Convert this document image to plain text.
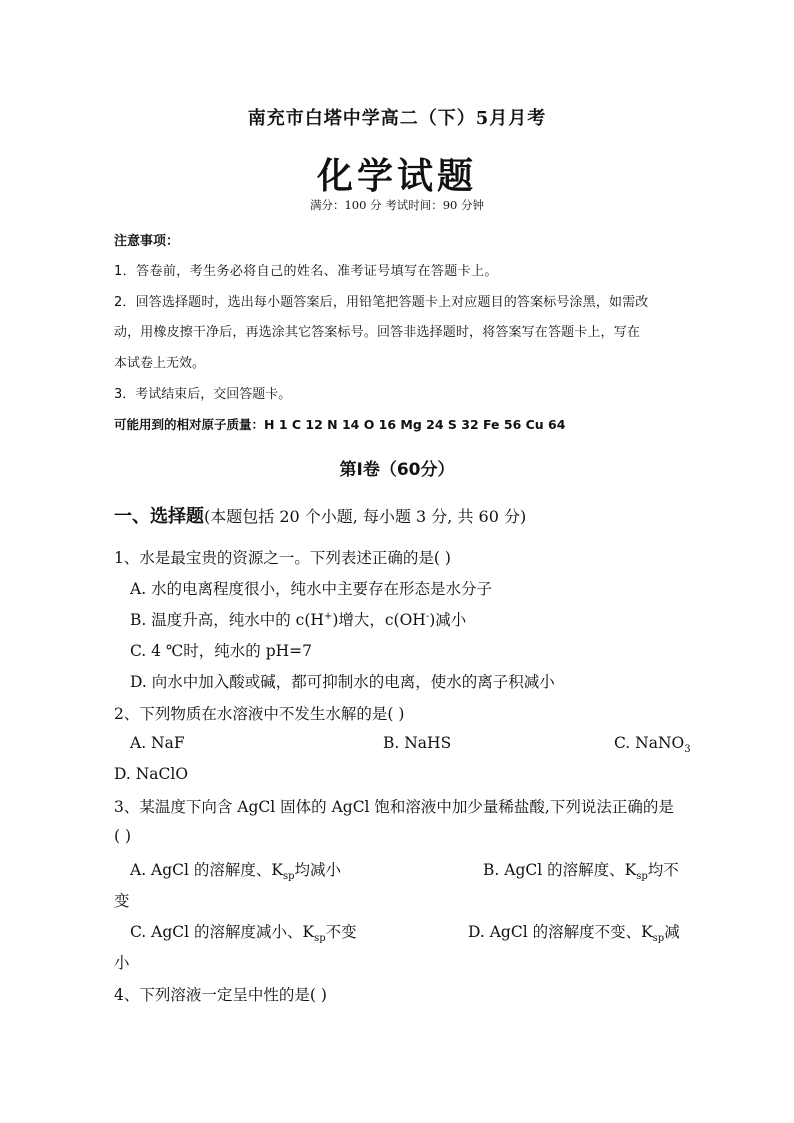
南充市白塔中学高二（下）5月月考
化学试题
满分：100 分 考试时间：90 分钟
注意事项：
1．答卷前，考生务必将自己的姓名、准考证号填写在答题卡上。
2．回答选择题时，选出每小题答案后，用铅笔把答题卡上对应题目的答案标号涂黑，如需改
动，用橡皮擦干净后，再选涂其它答案标号。回答非选择题时，将答案写在答题卡上，写在
本试卷上无效。
3．考试结束后，交回答题卡。
可能用到的相对原子质量：H 1 C 12 N 14 O 16 Mg 24 S 32 Fe 56 Cu 64
第Ⅰ卷（60分）
一、选择题(本题包括 20 个小题, 每小题 3 分, 共 60 分)
1、水是最宝贵的资源之一。下列表述正确的是( )
A. 水的电离程度很小，纯水中主要存在形态是水分子
B. 温度升高，纯水中的 c(H+)增大，c(OH-)减小
C. 4 ℃时，纯水的 pH=7
D. 向水中加入酸或碱，都可抑制水的电离，使水的离子积减小
2、下列物质在水溶液中不发生水解的是( )
A. NaF	B. NaHS	C. NaNO$_3$
D. NaClO
3、某温度下向含 AgCl 固体的 AgCl 饱和溶液中加少量稀盐酸,下列说法正确的是
( )
A. AgCl 的溶解度、$K_{sp}$均减小	B. AgCl 的溶解度、$K_{sp}$均不
变
C. AgCl 的溶解度减小、$K_{sp}$不变	D. AgCl 的溶解度不变、$K_{sp}$减
小
4、下列溶液一定呈中性的是( )
